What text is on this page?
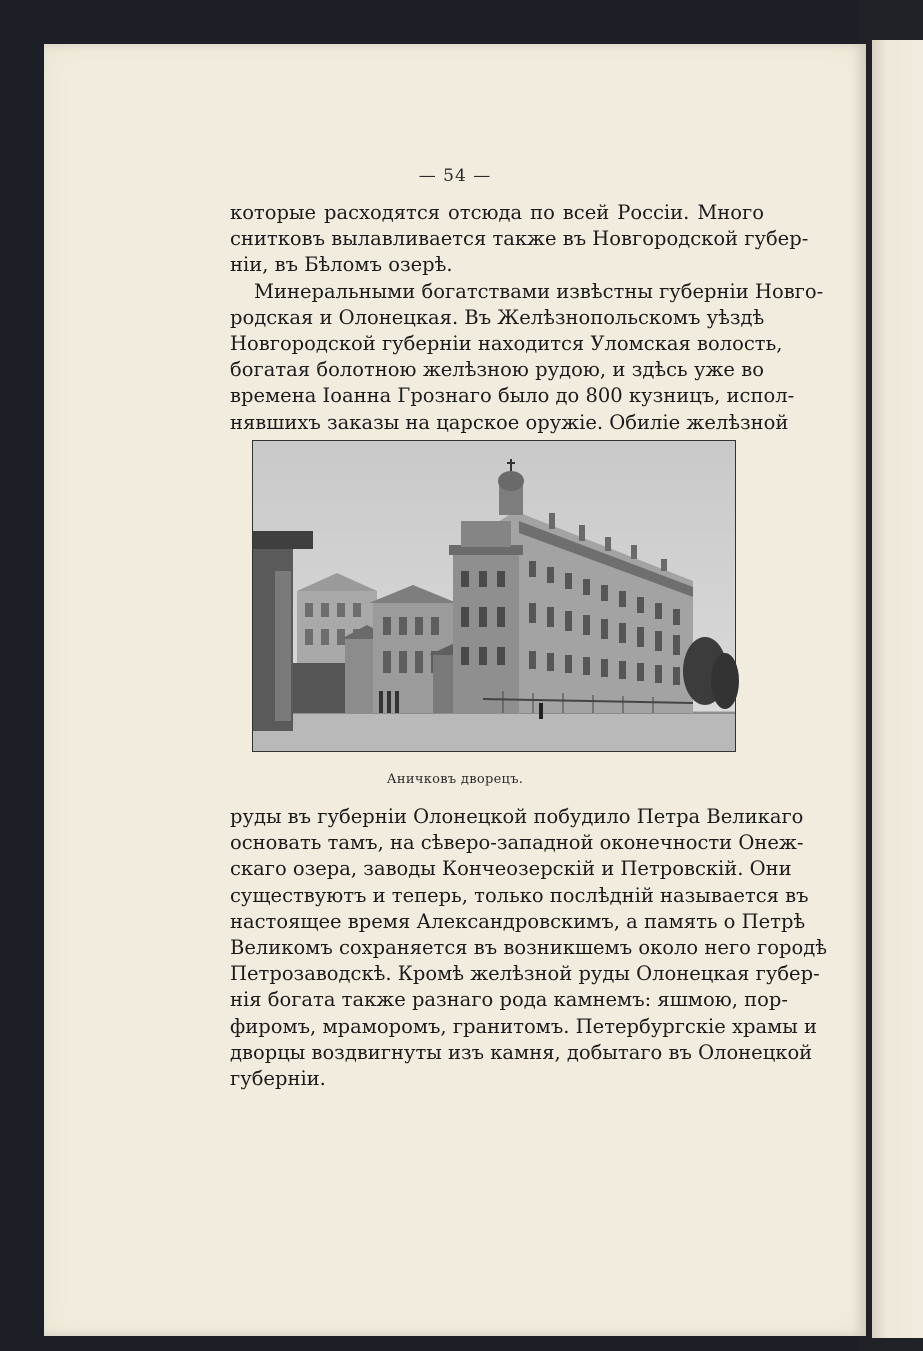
— 54 —
которые расходятся отсюда по всей Россіи. Много
снитковъ вылавливается также въ Новгородской губер-
ніи, въ Бѣломъ озерѣ.
Минеральными богатствами извѣстны губерніи Новго-
родская и Олонецкая. Въ Желѣзнопольскомъ уѣздѣ
Новгородской губерніи находится Уломская волость,
богатая болотною желѣзною рудою, и здѣсь уже во
времена Іоанна Грознаго было до 800 кузницъ, испол-
нявшихъ заказы на царское оружіе. Обиліе желѣзной
Аничковъ дворецъ.
руды въ губерніи Олонецкой побудило Петра Великаго
основать тамъ, на сѣверо-западной оконечности Онеж-
скаго озера, заводы Кончеозерскій и Петровскій. Они
существуютъ и теперь, только послѣдній называется въ
настоящее время Александровскимъ, а память о Петрѣ
Великомъ сохраняется въ возникшемъ около него городѣ
Петрозаводскѣ. Кромѣ желѣзной руды Олонецкая губер-
нія богата также разнаго рода камнемъ: яшмою, пор-
фиромъ, мраморомъ, гранитомъ. Петербургскіе храмы и
дворцы воздвигнуты изъ камня, добытаго въ Олонецкой
губерніи.
